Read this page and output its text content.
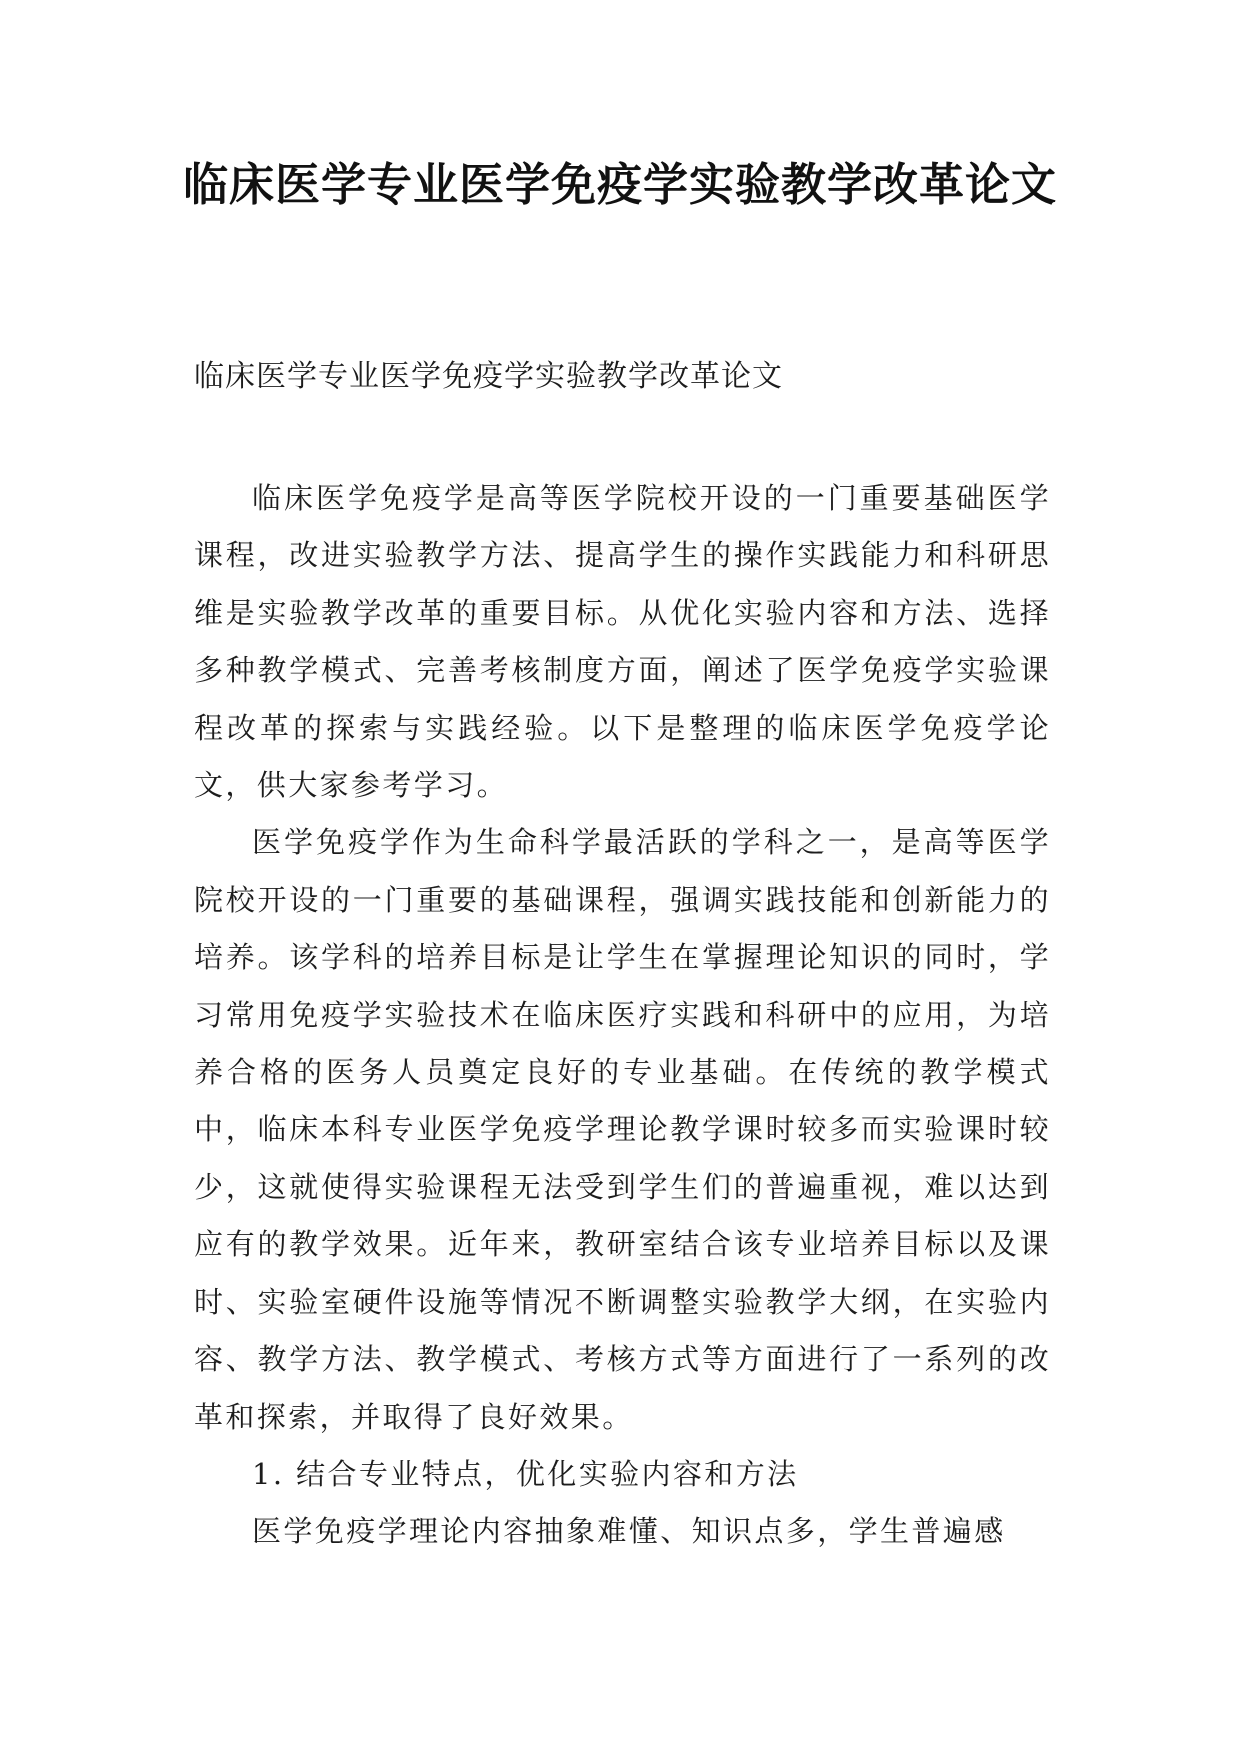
临床医学专业医学免疫学实验教学改革论文

临床医学专业医学免疫学实验教学改革论文

临床医学免疫学是高等医学院校开设的一门重要基础医学课程，改进实验教学方法、提高学生的操作实践能力和科研思维是实验教学改革的重要目标。从优化实验内容和方法、选择多种教学模式、完善考核制度方面，阐述了医学免疫学实验课程改革的探索与实践经验。以下是整理的临床医学免疫学论文，供大家参考学习。

医学免疫学作为生命科学最活跃的学科之一，是高等医学院校开设的一门重要的基础课程，强调实践技能和创新能力的培养。该学科的培养目标是让学生在掌握理论知识的同时，学习常用免疫学实验技术在临床医疗实践和科研中的应用，为培养合格的医务人员奠定良好的专业基础。在传统的教学模式中，临床本科专业医学免疫学理论教学课时较多而实验课时较少，这就使得实验课程无法受到学生们的普遍重视，难以达到应有的教学效果。近年来，教研室结合该专业培养目标以及课时、实验室硬件设施等情况不断调整实验教学大纲，在实验内容、教学方法、教学模式、考核方式等方面进行了一系列的改革和探索，并取得了良好效果。

1. 结合专业特点，优化实验内容和方法

医学免疫学理论内容抽象难懂、知识点多，学生普遍感
